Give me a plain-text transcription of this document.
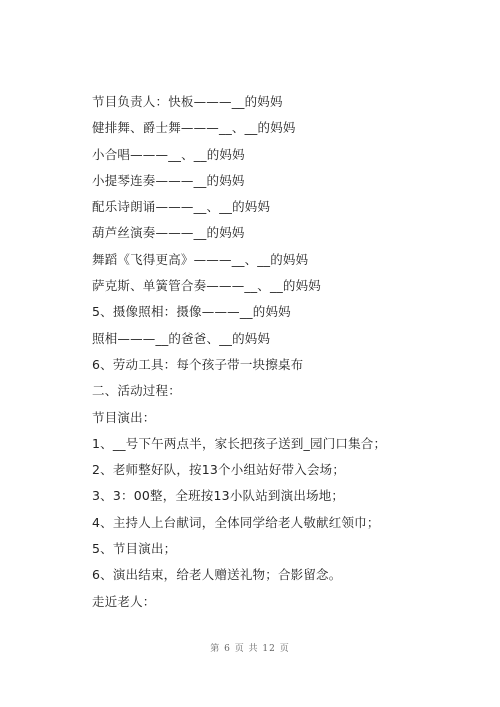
节目负责人：快板———__的妈妈
健排舞、爵士舞———__、__的妈妈
小合唱———__、__的妈妈
小提琴连奏———__的妈妈
配乐诗朗诵———__、__的妈妈
葫芦丝演奏———__的妈妈
舞蹈《飞得更高》———__、__的妈妈
萨克斯、单簧管合奏———__、__的妈妈
5、摄像照相：摄像———__的妈妈
照相———__的爸爸、__的妈妈
6、劳动工具：每个孩子带一块擦桌布
二、活动过程：
节目演出：
1、__号下午两点半，家长把孩子送到_园门口集合；
2、老师整好队，按13个小组站好带入会场；
3、3：00整，全班按13小队站到演出场地；
4、主持人上台献词，全体同学给老人敬献红领巾；
5、节目演出；
6、演出结束，给老人赠送礼物；合影留念。
走近老人：
第 6 页 共 12 页
